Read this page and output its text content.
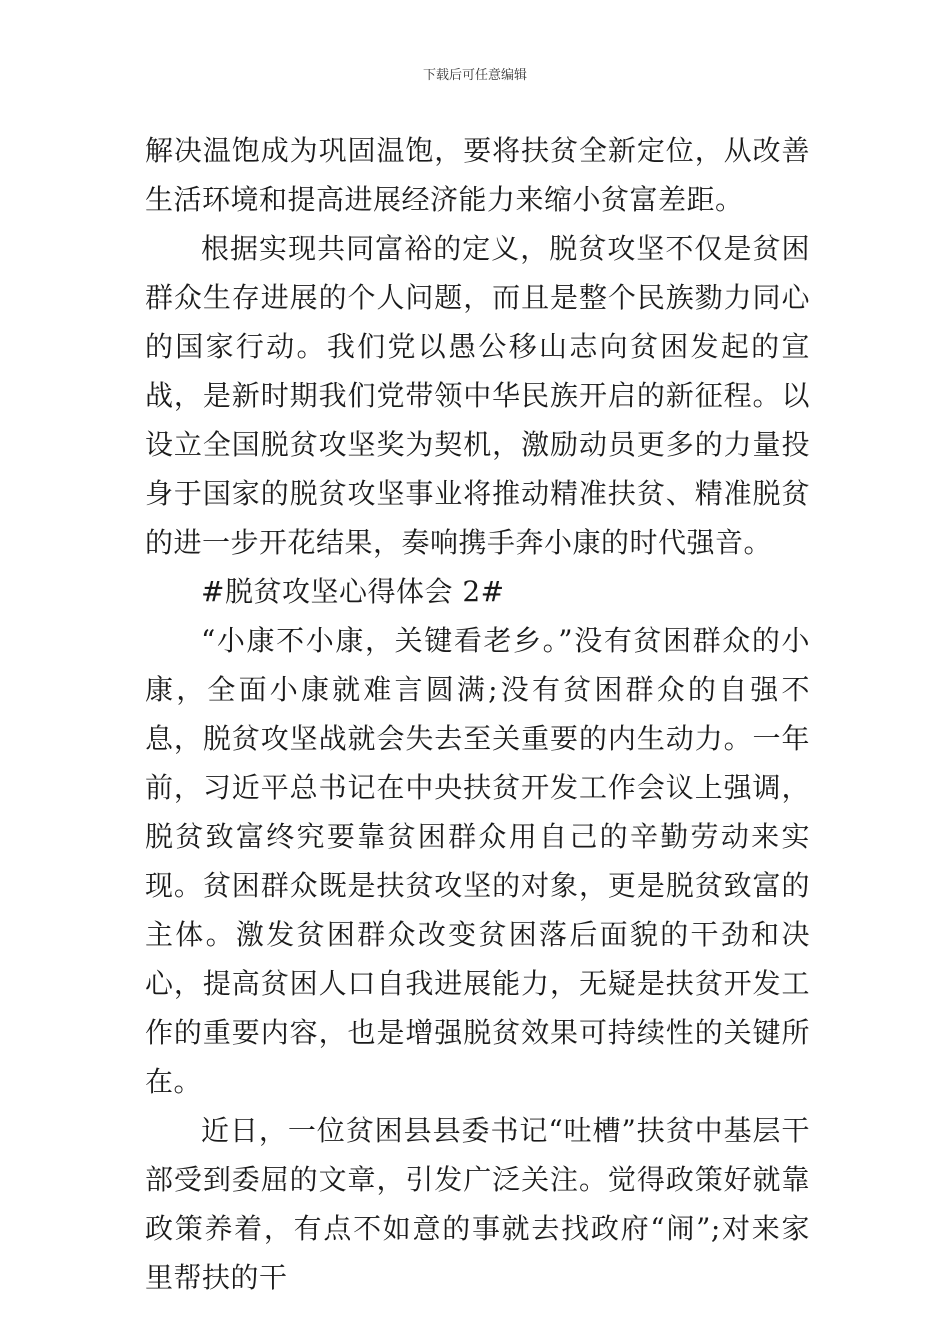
下载后可任意编辑

解决温饱成为巩固温饱，要将扶贫全新定位，从改善生活环境和提高进展经济能力来缩小贫富差距。

根据实现共同富裕的定义，脱贫攻坚不仅是贫困群众生存进展的个人问题，而且是整个民族勠力同心的国家行动。我们党以愚公移山志向贫困发起的宣战，是新时期我们党带领中华民族开启的新征程。以设立全国脱贫攻坚奖为契机，激励动员更多的力量投身于国家的脱贫攻坚事业将推动精准扶贫、精准脱贫的进一步开花结果，奏响携手奔小康的时代强音。

#脱贫攻坚心得体会 2#

“小康不小康，关键看老乡。”没有贫困群众的小康，全面小康就难言圆满;没有贫困群众的自强不息，脱贫攻坚战就会失去至关重要的内生动力。一年前，习近平总书记在中央扶贫开发工作会议上强调，脱贫致富终究要靠贫困群众用自己的辛勤劳动来实现。贫困群众既是扶贫攻坚的对象，更是脱贫致富的主体。激发贫困群众改变贫困落后面貌的干劲和决心，提高贫困人口自我进展能力，无疑是扶贫开发工作的重要内容，也是增强脱贫效果可持续性的关键所在。

近日，一位贫困县县委书记“吐槽”扶贫中基层干部受到委屈的文章，引发广泛关注。觉得政策好就靠政策养着，有点不如意的事就去找政府“闹”;对来家里帮扶的干
